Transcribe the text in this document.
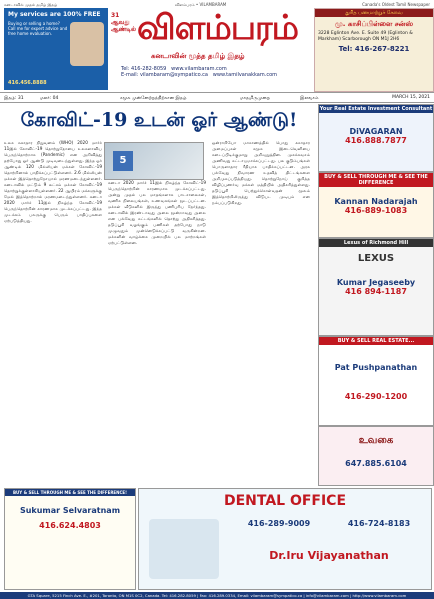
கனடாவில் முதல் தமிழ் இதழ்	விளம்பரம் • VILAMBARAM	Canada's Oldest Tamil Newspaper
My services are 100% FREE
Buying or selling a home? Call me for expert advice and free home evaluation.
416.456.8888
31 ஆவது ஆண்டில் விளம்பரம்
கனடாவின் மூத்த தமிழ் இதழ்
Tel: 416-282-8059 www.vilambaram.com
E-mail: vilambaram@sympatico.ca www.tamilvanakkam.com
துரித பணமாற்றுச் சேவை
மு. காசிப்பிள்ளை சன்ஸ்
3228 Eglinton Ave. E. Suite 49 (Eglinton & Markham) Scarborough ON M1J 2H6
Tel: 416-267-8221
இதழ்: 31	மலர்: 04	சமூக முன்னேற்றத்திற்கான இதழ்	மாதமிருமுறை	இலவசம்	MARCH 15, 2021
கோவிட்-19 உடன் ஓர் ஆண்டு!
உலக சுகாதார நிறுவனம் (WHO) 2020 மார்ச் 11இல் கோவிட்-19 தொற்றுநோயை உலகளாவிய பெருந்தொற்றாக (Pandemic) என அறிவித்து தற்போது ஓர் ஆண்டு முடிவடைந்துள்ளது. இந்த ஓர் ஆண்டில் 120 மில்லியன் மக்கள் கோவிட்-19 தொற்றினால் பாதிக்கப்பட்டுள்ளனர். 2.6 மில்லியன் மக்கள் இத்தொற்றுநோயால் மரணமடைந்துள்ளனர். கனடாவில் மட்டும் 9 லட்சம் மக்கள் கோவிட்-19 தொற்றுக்குள்ளாகியுள்ளனர். 22 ஆயிரம் மக்களுக்கு மேல் இத்தொற்றால் மரணமடைந்துள்ளனர். கனடா 2020 மார்ச் 11இல் நிகழ்ந்த கோவிட்-19 பெருந்தொற்றின் காரணமாக முடக்கப்பட்டது. இந்த முடக்கம் பலருக்கு பெரும் பாதிப்புகளை ஏற்படுத்தியது.
கனடா 2020 மார்ச் 11இல் நிகழ்ந்த கோவிட்-19 பெருந்தொற்றின் காரணமாக முடக்கப்பட்டது. அன்று முதல் பல மாதங்களாக பாடசாலைகள், வணிக நிலையங்கள், உணவகங்கள் மூடப்பட்டன. மக்கள் வீடுகளில் இருந்து பணிபுரிய நேர்ந்தது. கனடாவில் இரண்டாவது அலை மூன்றாவது அலை என பல்வேறு கட்டங்களில் தொற்று அதிகரித்தது. தடுப்பூசி வழங்கும் பணிகள் தற்போது நாடு முழுவதும் முன்னெடுக்கப்பட்டு வருகின்றன. மக்களின் வாழ்க்கை முறையில் பல மாற்றங்கள் ஏற்பட்டுள்ளன.
ஒன்ராறியோ மாகாணத்தில் பொது சுகாதார அமைப்புகள் சமூக இடைவெளியை கடைப்பிடிக்குமாறு அறிவுறுத்தின. முகக்கவசம் அணிவது கட்டாயமாக்கப்பட்டது. பல குடும்பங்கள் பொருளாதார ரீதியாக பாதிக்கப்பட்டன. அரசு பல்வேறு நிவாரண உதவித் திட்டங்களை அறிமுகப்படுத்தியது. தொற்றுநோய் குறித்த விழிப்புணர்வு மக்கள் மத்தியில் அதிகரித்துள்ளது. தடுப்பூசி பெற்றுக்கொள்வதன் மூலம் இத்தொற்றிலிருந்து விடுபட முடியும் என நம்பப்படுகிறது.
5
Your Real Estate Investment Consultant
DiVAGARAN
416.888.7877
BUY & SELL THROUGH ME & SEE THE DIFFERENCE
Kannan Nadarajah
416-889-1083
Lexus of Richmond Hill
LEXUS
Kumar Jegaseeby
416 894-1187
BUY & SELL REAL ESTATE...
Pat Pushpanathan
416-290-1200
உவகை
647.885.6104
BUY & SELL THROUGH ME & SEE THE DIFFERENCE!
Sukumar Selvaratnam
416.624.4803
DENTAL OFFICE
Dr.Iru Vijayanathan
416-289-9009	416-724-8183
GTA Square, 5215 Finch Ave. E., #201, Toronto, ON M1S 0C2, Canada. Tel: 416.282.8059 | Fax: 416.289.0334, Email: vilambaram@sympatico.ca | info@vilambaram.com | http://www.vilambaram.com
